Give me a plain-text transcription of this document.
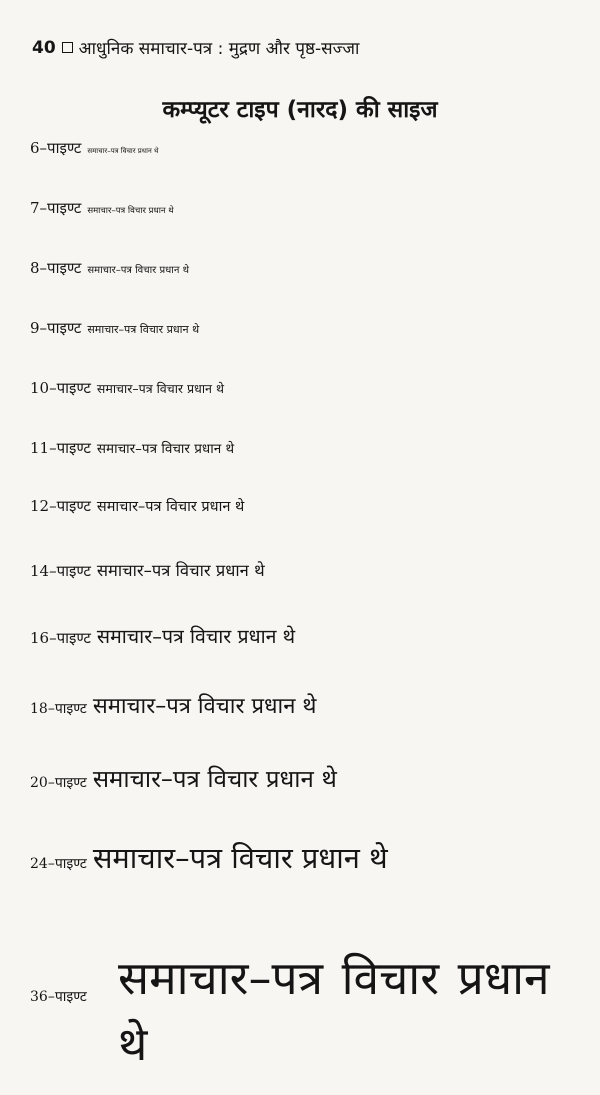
40 आधुनिक समाचार-पत्र : मुद्रण और पृष्ठ-सज्जा
कम्प्यूटर टाइप (नारद) की साइज
6–पाइण्ट समाचार–पत्र विचार प्रधान थे
7–पाइण्ट समाचार–पत्र विचार प्रधान थे
8–पाइण्ट समाचार–पत्र विचार प्रधान थे
9–पाइण्ट समाचार–पत्र विचार प्रधान थे
10–पाइण्ट समाचार–पत्र विचार प्रधान थे
11–पाइण्ट समाचार–पत्र विचार प्रधान थे
12–पाइण्ट समाचार–पत्र विचार प्रधान थे
14–पाइण्ट समाचार–पत्र विचार प्रधान थे
16–पाइण्ट समाचार–पत्र विचार प्रधान थे
18–पाइण्ट समाचार–पत्र विचार प्रधान थे
20–पाइण्ट समाचार–पत्र विचार प्रधान थे
24–पाइण्ट समाचार–पत्र विचार प्रधान थे
36–पाइण्ट समाचार–पत्र विचार प्रधान थे
